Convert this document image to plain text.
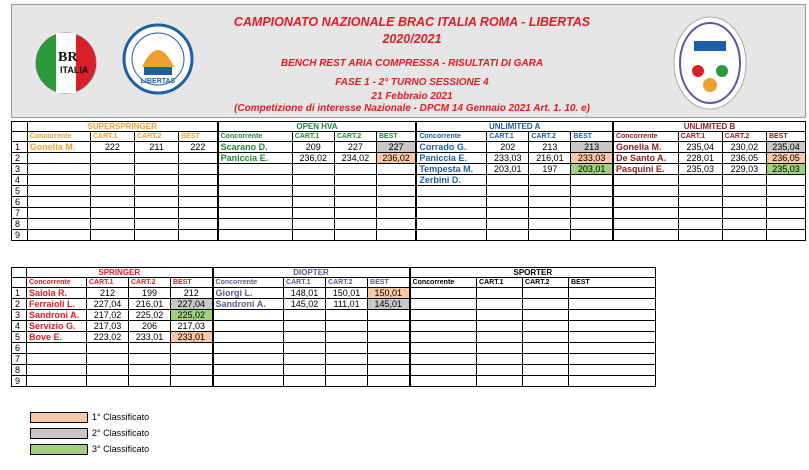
BR
ITALIA
LIBERTAS
CAMPIONATO NAZIONALE BRAC ITALIA ROMA - LIBERTAS
2020/2021
BENCH REST ARIA COMPRESSA - RISULTATI DI GARA
FASE 1 - 2° TURNO SESSIONE 4
21 Febbraio 2021
(Competizione di interesse Nazionale - DPCM 14 Gennaio 2021 Art. 1. 10. e)
	SUPERSPRINGER				OPEN HVA				UNLIMITED A				UNLIMITED B			
	Concorrente	CART.1	CART.2	BEST	Concorrente	CART.1	CART.2	BEST	Concorrente	CART.1	CART.2	BEST	Concorrente	CART.1	CART.2	BEST
1	Gonella M.	222	211	222	Scarano D.	209	227	227	Corrado G.	202	213	213	Gonella M.	235,04	230,02	235,04
2					Paniccia E.	236,02	234,02	236,02	Paniccia E.	233,03	216,01	233,03	De Santo A.	228,01	236,05	236,05
3									Tempesta M.	203,01	197	203,01	Pasquini E.	235,03	229,03	235,03
4									Zerbini D.							
5																
6																
7																
8																
9																
	SPRINGER				DIOPTER				SPORTER			
	Concorrente	CART.1	CART.2	BEST	Concorrente	CART.1	CART.2	BEST	Concorrente	CART.1	CART.2	BEST
1	Saiola R.	212	199	212	Giorgi L.	148,01	150,01	150,01				
2	Ferraioli L.	227,04	216,01	227,04	Sandroni A.	145,02	111,01	145,01				
3	Sandroni A.	217,02	225,02	225,02								
4	Servizio G.	217,03	206	217,03								
5	Bove E.	223,02	233,01	233,01								
6												
7												
8												
9												
1° Classificato
2° Classificato
3° Classificato
